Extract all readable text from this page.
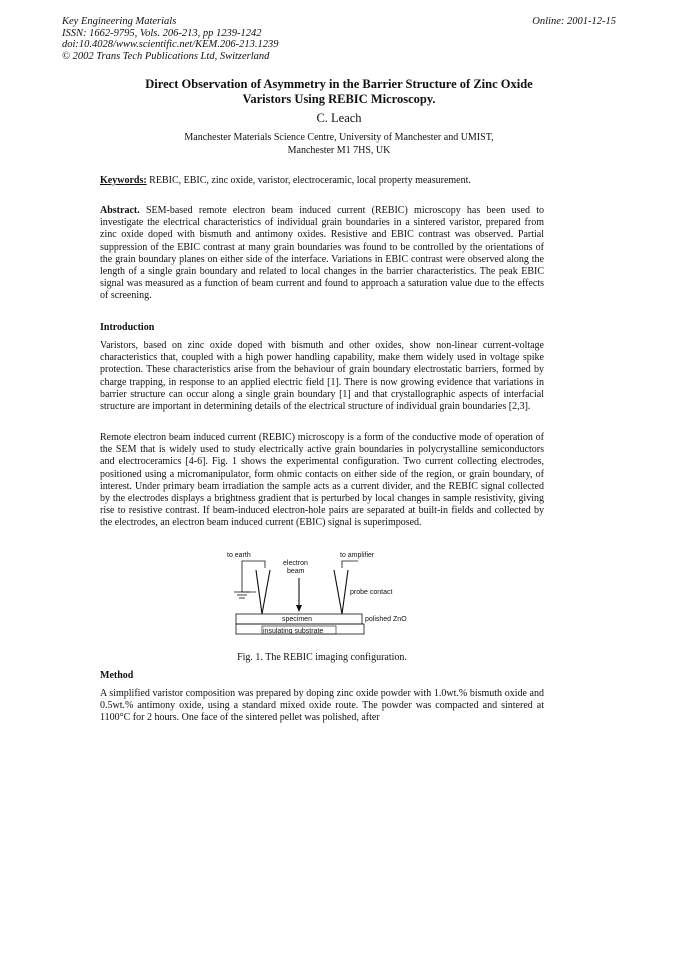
Key Engineering Materials
ISSN: 1662-9795, Vols. 206-213, pp 1239-1242
doi:10.4028/www.scientific.net/KEM.206-213.1239
© 2002 Trans Tech Publications Ltd, Switzerland
Online: 2001-12-15
Direct Observation of Asymmetry in the Barrier Structure of Zinc Oxide
Varistors Using REBIC Microscopy.
C. Leach
Manchester Materials Science Centre, University of Manchester and UMIST,
Manchester M1 7HS, UK
Keywords: REBIC, EBIC, zinc oxide, varistor, electroceramic, local property measurement.
Abstract. SEM-based remote electron beam induced current (REBIC) microscopy has been used to investigate the electrical characteristics of individual grain boundaries in a sintered varistor, prepared from zinc oxide doped with bismuth and antimony oxides. Resistive and EBIC contrast was observed. Partial suppression of the EBIC contrast at many grain boundaries was found to be controlled by the orientations of the grain boundary planes on either side of the interface. Variations in EBIC contrast were observed along the length of a single grain boundary and related to local changes in the barrier characteristics. The peak EBIC signal was measured as a function of beam current and found to approach a saturation value due to the effects of screening.
Introduction
Varistors, based on zinc oxide doped with bismuth and other oxides, show non-linear current-voltage characteristics that, coupled with a high power handling capability, make them widely used in voltage spike protection. These characteristics arise from the behaviour of grain boundary electrostatic barriers, formed by charge trapping, in response to an applied electric field [1]. There is now growing evidence that variations in barrier structure can occur along a single grain boundary [1] and that crystallographic aspects of interfacial structure are important in determining details of the electrical structure of individual grain boundaries [2,3].
Remote electron beam induced current (REBIC) microscopy is a form of the conductive mode of operation of the SEM that is widely used to study electrically active grain boundaries in polycrystalline semiconductors and electroceramics [4-6]. Fig. 1 shows the experimental configuration. Two current collecting electrodes, positioned using a micromanipulator, form ohmic contacts on either side of the region, or grain boundary, of interest. Under primary beam irradiation the sample acts as a current divider, and the REBIC signal collected by the electrodes displays a brightness gradient that is perturbed by local changes in sample resistivity, giving rise to resistive contrast. If beam-induced electron-hole pairs are separated at built-in fields and collected by the electrodes, an electron beam induced current (EBIC) signal is superimposed.
to earth	to amplifier
electron
beam
probe contact
specimen	polished ZnO
insulating substrate
Fig. 1. The REBIC imaging configuration.
Method
A simplified varistor composition was prepared by doping zinc oxide powder with 1.0wt.% bismuth oxide and 0.5wt.% antimony oxide, using a standard mixed oxide route. The powder was compacted and sintered at 1100°C for 2 hours. One face of the sintered pellet was polished, after
